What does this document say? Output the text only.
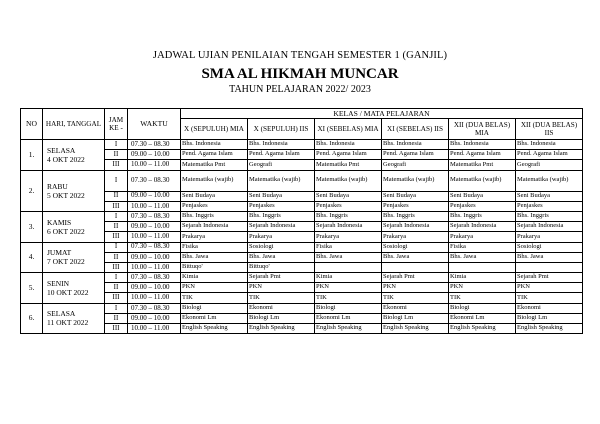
JADWAL UJIAN PENILAIAN TENGAH SEMESTER 1 (GANJIL)
SMA AL HIKMAH MUNCAR
TAHUN PELAJARAN 2022/ 2023
NO	HARI, TANGGAL	JAM KE -	WAKTU	KELAS / MATA PELAJARAN					
				X (SEPULUH) MIA	X (SEPULUH) IIS	XI (SEBELAS) MIA	XI (SEBELAS) IIS	XII (DUA BELAS) MIA	XII (DUA BELAS) IIS
1.	SELASA
4 OKT 2022	I	07.30 – 08.30	Bhs. Indonesia	Bhs. Indonesia	Bhs. Indonesia	Bhs. Indonesia	Bhs. Indonesia	Bhs. Indonesia
		II	09.00 – 10.00	Pend. Agama Islam	Pend. Agama Islam	Pend. Agama Islam	Pend. Agama Islam	Pend. Agama Islam	Pend. Agama Islam
		III	10.00 – 11.00	Matematika Pmt	Geografi	Matematika Pmt	Geografi	Matematika Pmt	Geografi
2.	RABU
5 OKT 2022	I	07.30 – 08.30	Matematika (wajib)	Matematika (wajib)	Matematika (wajib)	Matematika (wajib)	Matematika (wajib)	Matematika (wajib)
		II	09.00 – 10.00	Seni Budaya	Seni Budaya	Seni Budaya	Seni Budaya	Seni Budaya	Seni Budaya
		III	10.00 – 11.00	Penjaskes	Penjaskes	Penjaskes	Penjaskes	Penjaskes	Penjaskes
3.	KAMIS
6 OKT 2022	I	07.30 – 08.30	Bhs. Inggris	Bhs. Inggris	Bhs. Inggris	Bhs. Inggris	Bhs. Inggris	Bhs. Inggris
		II	09.00 – 10.00	Sejarah Indonesia	Sejarah Indonesia	Sejarah Indonesia	Sejarah Indonesia	Sejarah Indonesia	Sejarah Indonesia
		III	10.00 – 11.00	Prakarya	Prakarya	Prakarya	Prakarya	Prakarya	Prakarya
4.	JUMAT
7 OKT 2022	I	07.30 – 08.30	Fisika	Sosiologi	Fisika	Sosiologi	Fisika	Sosiologi
		II	09.00 – 10.00	Bhs. Jawa	Bhs. Jawa	Bhs. Jawa	Bhs. Jawa	Bhs. Jawa	Bhs. Jawa
		III	10.00 – 11.00	Bittuqo'	Bittuqo'				
5.	SENIN
10 OKT 2022	I	07.30 – 08.30	Kimia	Sejarah Pmt	Kimia	Sejarah Pmt	Kimia	Sejarah Pmt
		II	09.00 – 10.00	PKN	PKN	PKN	PKN	PKN	PKN
		III	10.00 – 11.00	TIK	TIK	TIK	TIK	TIK	TIK
6.	SELASA
11 OKT 2022	I	07.30 – 08.30	Biologi	Ekonomi	Biologi	Ekonomi	Biologi	Ekonomi
		II	09.00 – 10.00	Ekonomi Lm	Biologi Lm	Ekonomi Lm	Biologi Lm	Ekonomi Lm	Biologi Lm
		III	10.00 – 11.00	English Speaking	English Speaking	English Speaking	English Speaking	English Speaking	English Speaking
